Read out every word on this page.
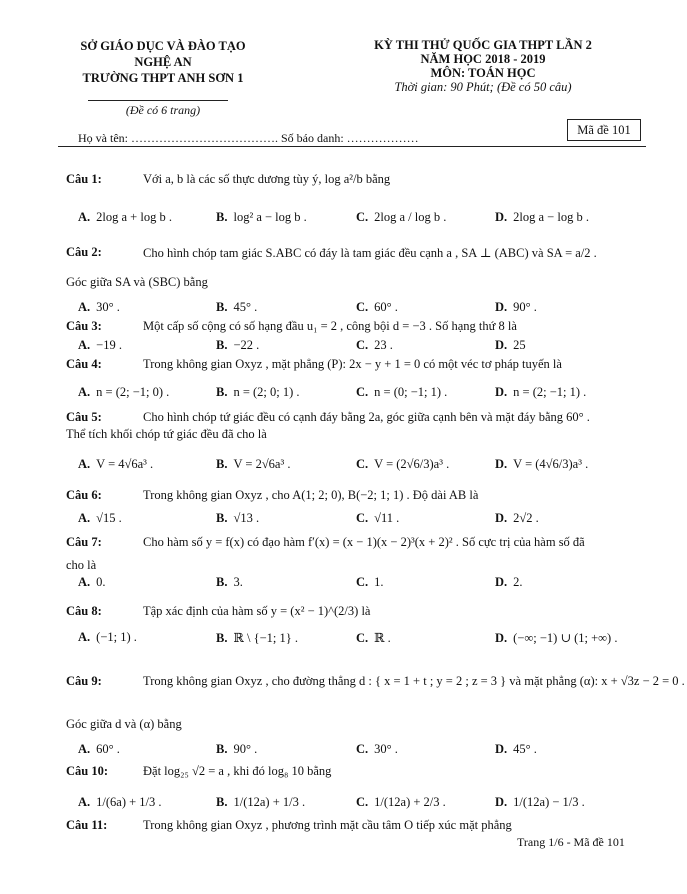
SỞ GIÁO DỤC VÀ ĐÀO TẠO
NGHỆ AN
TRƯỜNG THPT ANH SƠN 1
(Đề có 6 trang)
KỲ THI THỬ QUỐC GIA THPT LẦN 2
NĂM HỌC 2018 - 2019
MÔN: TOÁN HỌC
Thời gian: 90 Phút; (Đề có 50 câu)
Mã đề 101
Họ và tên: ………………………………. Số báo danh: ………………
Câu 1:	Với a, b là các số thực dương tùy ý, log a²/b bằng
A. 2log a + log b .	B. log² a − log b .	C. 2log a / log b .	D. 2log a − log b .
Câu 2:	Cho hình chóp tam giác S.ABC có đáy là tam giác đều cạnh a , SA ⊥ (ABC) và SA = a/2 .
Góc giữa SA và (SBC) bằng
A. 30° .	B. 45° .	C. 60° .	D. 90° .
Câu 3:	Một cấp số cộng có số hạng đầu u₁ = 2 , công bội d = −3 . Số hạng thứ 8 là
A. −19 .	B. −22 .	C. 23 .	D. 25
Câu 4:	Trong không gian Oxyz , mặt phẳng (P): 2x − y + 1 = 0 có một véc tơ pháp tuyến là
A. n = (2; −1; 0) .	B. n = (2; 0; 1) .	C. n = (0; −1; 1) .	D. n = (2; −1; 1) .
Câu 5:	Cho hình chóp tứ giác đều có cạnh đáy bằng 2a, góc giữa cạnh bên và mặt đáy bằng 60° .
Thể tích khối chóp tứ giác đều đã cho là
A. V = 4√6a³ .	B. V = 2√6a³ .	C. V = (2√6/3)a³ .	D. V = (4√6/3)a³ .
Câu 6:	Trong không gian Oxyz , cho A(1; 2; 0), B(−2; 1; 1) . Độ dài AB là
A. √15 .	B. √13 .	C. √11 .	D. 2√2 .
Câu 7:	Cho hàm số y = f(x) có đạo hàm f′(x) = (x − 1)(x − 2)³(x + 2)² . Số cực trị của hàm số đã
cho là
A. 0.	B. 3.	C. 1.	D. 2.
Câu 8:	Tập xác định của hàm số y = (x² − 1)^(2/3) là
A. (−1; 1) .	B. ℝ \ {−1; 1} .	C. ℝ .	D. (−∞; −1) ∪ (1; +∞) .
Câu 9:	Trong không gian Oxyz , cho đường thẳng d : { x = 1 + t ; y = 2 ; z = 3 } và mặt phẳng (α): x + √3z − 2 = 0 .
Góc giữa d và (α) bằng
A. 60° .	B. 90° .	C. 30° .	D. 45° .
Câu 10:	Đặt log₂₅ √2 = a , khi đó log₈ 10 bằng
A. 1/(6a) + 1/3 .	B. 1/(12a) + 1/3 .	C. 1/(12a) + 2/3 .	D. 1/(12a) − 1/3 .
Câu 11:	Trong không gian Oxyz , phương trình mặt cầu tâm O tiếp xúc mặt phẳng
Trang 1/6 - Mã đề 101
